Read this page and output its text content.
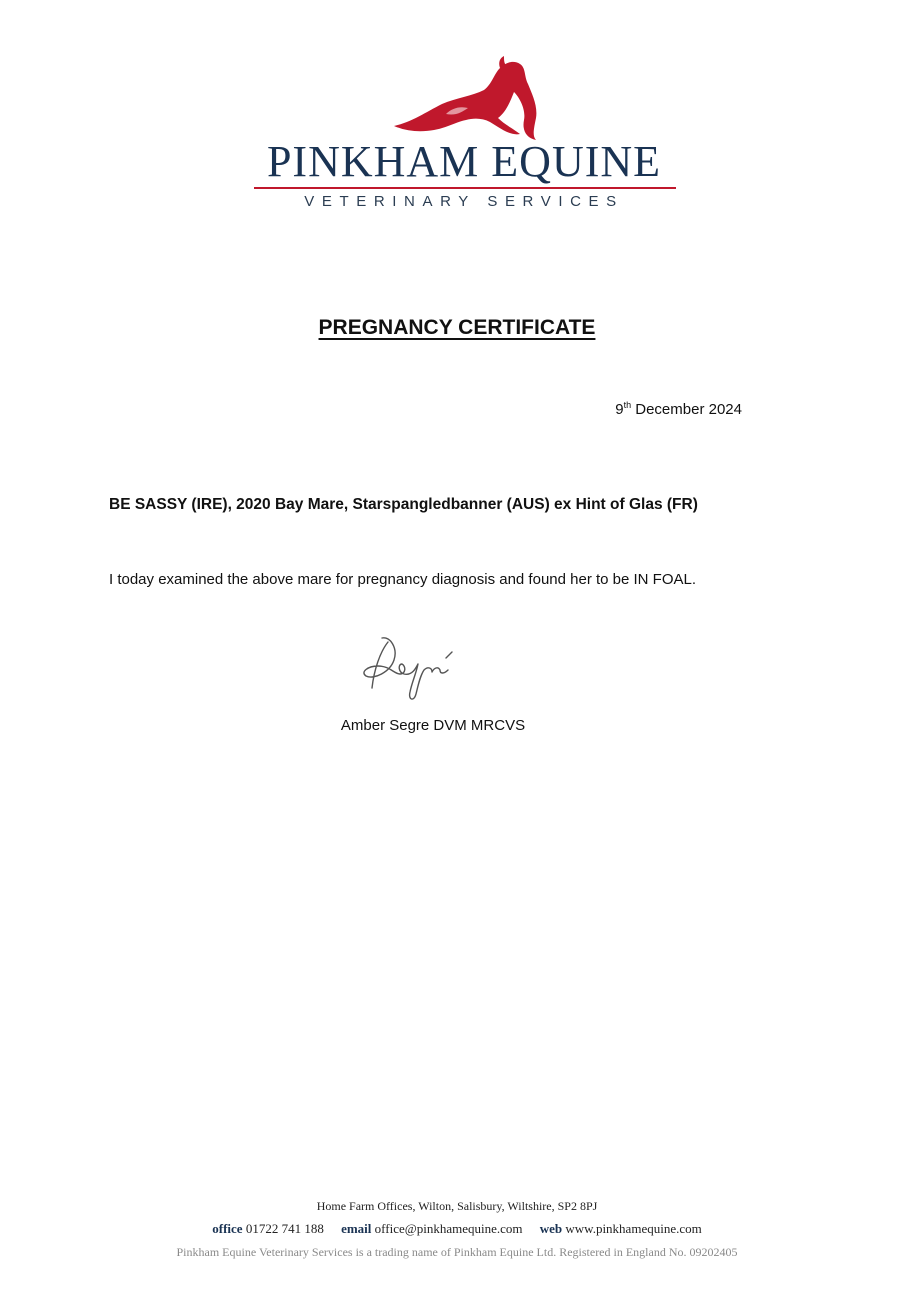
PINKHAM EQUINE
VETERINARY SERVICES
PREGNANCY CERTIFICATE
9th December 2024
BE SASSY (IRE), 2020 Bay Mare, Starspangledbanner (AUS) ex Hint of Glas (FR)
I today examined the above mare for pregnancy diagnosis and found her to be IN FOAL.
Amber Segre DVM MRCVS
Home Farm Offices, Wilton, Salisbury, Wiltshire, SP2 8PJ
office 01722 741 188 email office@pinkhamequine.com web www.pinkhamequine.com
Pinkham Equine Veterinary Services is a trading name of Pinkham Equine Ltd. Registered in England No. 09202405
